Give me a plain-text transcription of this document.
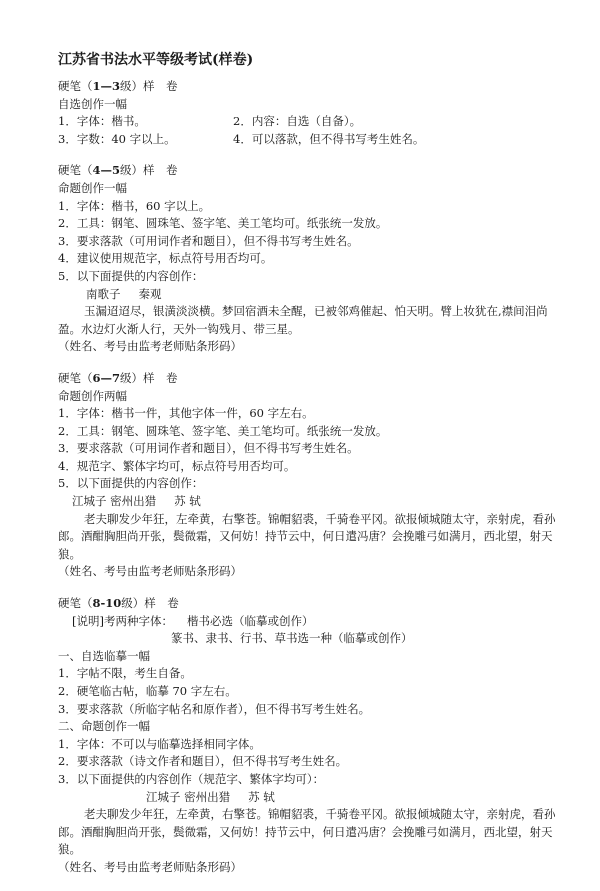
江苏省书法水平等级考试(样卷)
硬笔（1—3级）样　卷
自选创作一幅
1．字体：楷书。	2．内容：自选（自备）。
3．字数：40 字以上。	4．可以落款，但不得书写考生姓名。
硬笔（4—5级）样　卷
命题创作一幅
1．字体：楷书，60 字以上。
2．工具：钢笔、圆珠笔、签字笔、美工笔均可。纸张统一发放。
3．要求落款（可用词作者和题目），但不得书写考生姓名。
4．建议使用规范字，标点符号用否均可。
5．以下面提供的内容创作：
南歌子 秦观
玉漏迢迢尽，银潢淡淡横。梦回宿酒未全醒，已被邻鸡催起、怕天明。臂上妆犹在,襟间泪尚盈。水边灯火渐人行，天外一钩残月、带三星。
（姓名、考号由监考老师贴条形码）
硬笔（6—7级）样　卷
命题创作两幅
1．字体：楷书一件，其他字体一件，60 字左右。
2．工具：钢笔、圆珠笔、签字笔、美工笔均可。纸张统一发放。
3．要求落款（可用词作者和题目），但不得书写考生姓名。
4．规范字、繁体字均可，标点符号用否均可。
5．以下面提供的内容创作：
江城子 密州出猎 苏 轼
老夫聊发少年狂，左牵黄，右擎苍。锦帽貂裘，千骑卷平冈。欲报倾城随太守，亲射虎，看孙郎。酒酣胸胆尚开张，鬓微霜，又何妨！持节云中，何日遣冯唐？会挽雕弓如满月，西北望，射天狼。
（姓名、考号由监考老师贴条形码）
硬笔（8-10级）样　卷
[说明]考两种字体： 楷书必选（临摹或创作）
篆书、隶书、行书、草书选一种（临摹或创作）
一、自选临摹一幅
1．字帖不限，考生自备。
2．硬笔临古帖，临摹 70 字左右。
3．要求落款（所临字帖名和原作者），但不得书写考生姓名。
二、命题创作一幅
1．字体：不可以与临摹选择相同字体。
2．要求落款（诗文作者和题目），但不得书写考生姓名。
3．以下面提供的内容创作（规范字、繁体字均可）：
江城子 密州出猎 苏 轼
老夫聊发少年狂，左牵黄，右擎苍。锦帽貂裘，千骑卷平冈。欲报倾城随太守，亲射虎，看孙郎。酒酣胸胆尚开张，鬓微霜，又何妨！持节云中，何日遣冯唐？会挽雕弓如满月，西北望，射天狼。
（姓名、考号由监考老师贴条形码）
